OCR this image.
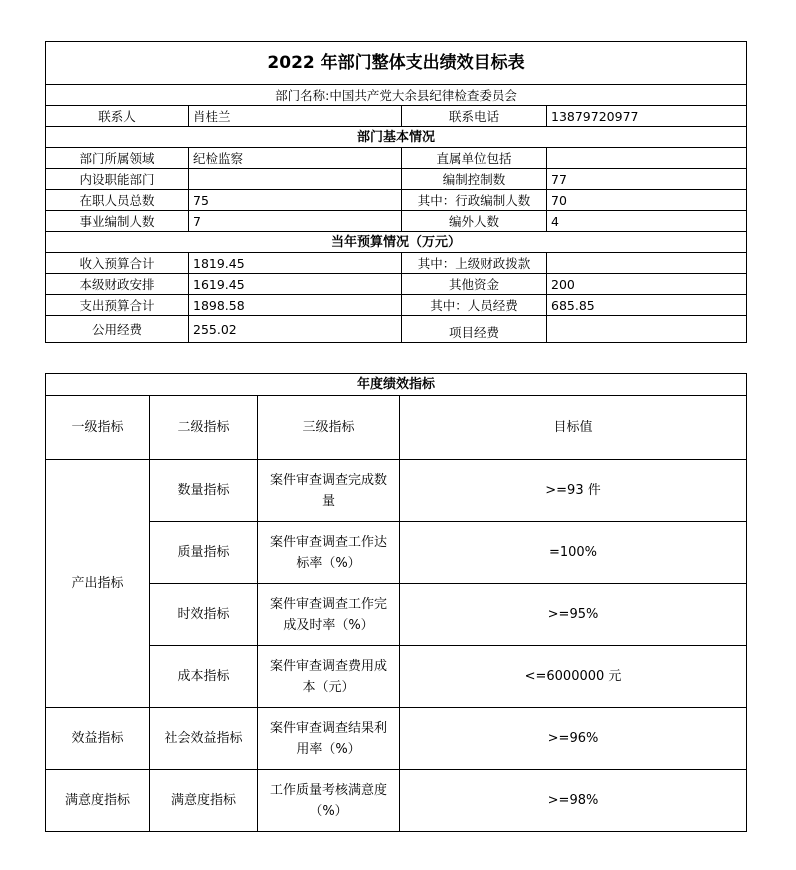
2022 年部门整体支出绩效目标表			
部门名称:中国共产党大余县纪律检查委员会			
联系人	肖桂兰	联系电话	13879720977
部门基本情况			
部门所属领域	纪检监察	直属单位包括	
内设职能部门		编制控制数	77
在职人员总数	75	其中：行政编制人数	70
事业编制人数	7	编外人数	4
当年预算情况（万元）			
收入预算合计	1819.45	其中：上级财政拨款	
本级财政安排	1619.45	其他资金	200
支出预算合计	1898.58	其中：人员经费	685.85
公用经费	255.02	项目经费	
年度绩效指标			
一级指标	二级指标	三级指标	目标值
产出指标	数量指标	案件审查调查完成数量	>=93 件
	质量指标	案件审查调查工作达标率（%）	=100%
	时效指标	案件审查调查工作完成及时率（%）	>=95%
	成本指标	案件审查调查费用成本（元）	<=6000000 元
效益指标	社会效益指标	案件审查调查结果利用率（%）	>=96%
满意度指标	满意度指标	工作质量考核满意度（%）	>=98%
